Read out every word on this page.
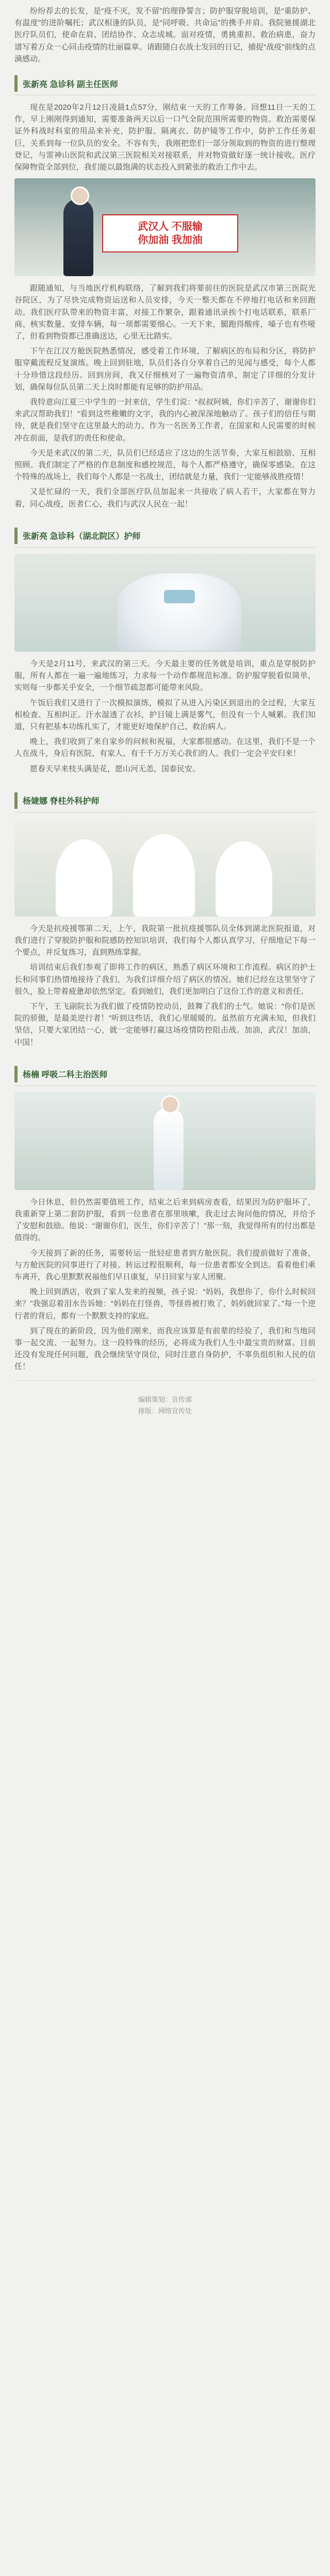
纷纷荐去的长发，是“疫不灭，发不留”的理铮誓言；防护服穿脱培训，是“重防护、有温度”的进阶嘱托；武汉相逢的队员，是“同呼吸、共命运”的携手并肩。我院驰援湖北医疗队员们，使命在肩、团结协作、众志成城。面对疫情，勇挑重担、救治病患，奋力谱写着万众一心同击疫情的壮丽篇章。请跟随白衣战士发回的日记，捕捉“战疫”前线的点滴感动。

张新亮 急诊科 副主任医师

现在是2020年2月12日凌晨1点57分，刚结束一天的工作筹备。回想11日一天的工作，早上刚刚得到通知，需要准备两天以后一口气全院范围所需要的物资。救治需要保证外科战时科室的用品来补充，防护服、隔离衣、防护镜等工作中，防护工作任务艰巨，关系到每一位队员的安全。不容有失，我刚把您们一部分领取到的物资的进行整理登记，与雷神山医院和武汉第三医院相关对接联系，并对物资做好逐一统计接收。医疗保障物资全部到位，我们能以最饱满的状态投入到紧张的救治工作中去。

武汉人 不服输
你加油 我加油

跟随通知，与当地医疗机构联络，了解到我们将要前往的医院是武汉市第三医院光谷院区，为了尽快完成物资运送和人员安排，今天一整天都在不停地打电话和来回跑动。我们医疗队带来的物资丰富，对接工作繁杂，跟着通讯录挨个打电话联系，联系厂商、核实数量、安排车辆，每一项都需要细心。一天下来，腿跑得酸疼，嗓子也有些哑了，但看到物资都已准确送达，心里无比踏实。

下午在江汉方舱医院熟悉情况，感受着工作环境，了解病区的布局和分区，将防护服穿戴流程反复演练。晚上回到驻地，队员们各自分享着自己的见闻与感受，每个人都十分珍惜这段经历。回到房间，我又仔细核对了一遍物资清单，制定了详细的分发计划，确保每位队员第二天上岗时都能有足够的防护用品。

我特意向江夏三中学生的一封来信，学生们说：“叔叔阿姨，你们辛苦了，谢谢你们来武汉帮助我们！”看到这些稚嫩的文字，我的内心被深深地触动了。孩子们的信任与期待，就是我们坚守在这里最大的动力。作为一名医务工作者，在国家和人民需要的时候冲在前面，是我们的责任和使命。

今天是来武汉的第二天，队员们已经适应了这边的生活节奏，大家互相鼓励、互相照顾。我们制定了严格的作息制度和感控规范，每个人都严格遵守，确保零感染。在这个特殊的战场上，我们每个人都是一名战士，团结就是力量，我们一定能够战胜疫情！

又是忙碌的一天，我们全部医疗队员加起来一共接收了病人若干，大家都在努力着，同心战疫，医者仁心，我们与武汉人民在一起！

张新亮 急诊科（湖北院区）护师

今天是2月11号，来武汉的第三天。今天最主要的任务就是培训，重点是穿脱防护服，所有人都在一遍一遍地练习，力求每一个动作都规范标准。防护服穿脱看似简单，实则每一步都关乎安全，一个细节疏忽都可能带来风险。

午饭后我们又进行了一次模拟演练，模拟了从进入污染区到退出的全过程，大家互相检查、互相纠正。汗水湿透了衣衫，护目镜上满是雾气，但没有一个人喊累。我们知道，只有把基本功练扎实了，才能更好地保护自己、救治病人。

晚上，我们收到了来自家乡的问候和祝福，大家都很感动。在这里，我们不是一个人在战斗，身后有医院、有家人、有千千万万关心我们的人。我们一定会平安归来！

愿春天早来枝头满是花，愿山河无恙，国泰民安。

杨婕娜 脊柱外科护师

今天是抗疫援鄂第二天，上午，我院第一批抗疫援鄂队员全体到湖北医院报道，对我们进行了穿脱防护服和院感防控知识培训，我们每个人都认真学习，仔细地记下每一个要点，并反复练习，直到熟练掌握。

培训结束后我们参观了即将工作的病区，熟悉了病区环境和工作流程。病区的护士长和同事们热情地接待了我们，为我们详细介绍了病区的情况。她们已经在这里坚守了很久，脸上带着疲惫却依然坚定。看到她们，我们更加明白了这份工作的意义和责任。

下午，王飞副院长为我们做了疫情防控动员，鼓舞了我们的士气。她说：“你们是医院的骄傲，是最美逆行者！”听到这些话，我们心里暖暖的。虽然前方充满未知，但我们坚信，只要大家团结一心，就一定能够打赢这场疫情防控阻击战。加油，武汉！加油，中国！

杨楠 呼吸二科主治医师

今日休息，但仍然需要值班工作，结束之后来到病房查看，结果因为防护服坏了，我重新穿上第二套防护服，看到一位患者在那里咳嗽，我走过去询问他的情况，并给予了安慰和鼓励。他说：“谢谢你们，医生，你们辛苦了！”那一刻，我觉得所有的付出都是值得的。

今天接到了新的任务，需要转运一批轻症患者到方舱医院。我们提前做好了准备，与方舱医院的同事进行了对接。转运过程很顺利，每一位患者都安全到达。看着他们乘车离开，我心里默默祝福他们早日康复，早日回家与家人团聚。

晚上回到酒店，收到了家人发来的视频，孩子说：“妈妈，我想你了，你什么时候回来？”我强忍着泪水告诉她：“妈妈在打怪兽，等怪兽被打败了，妈妈就回家了。”每一个逆行者的背后，都有一个默默支持的家庭。

到了现在的新阶段，因为他们刚来，而我应该算是有前辈的经验了，我们和当地同事一起交流、一起努力。这一段特殊的经历，必将成为我们人生中最宝贵的财富。目前还没有发现任何问题，我会继续坚守岗位，同时注意自身防护，不辜负组织和人民的信任！

编辑策划：宣传部
排版：网络宣传处
